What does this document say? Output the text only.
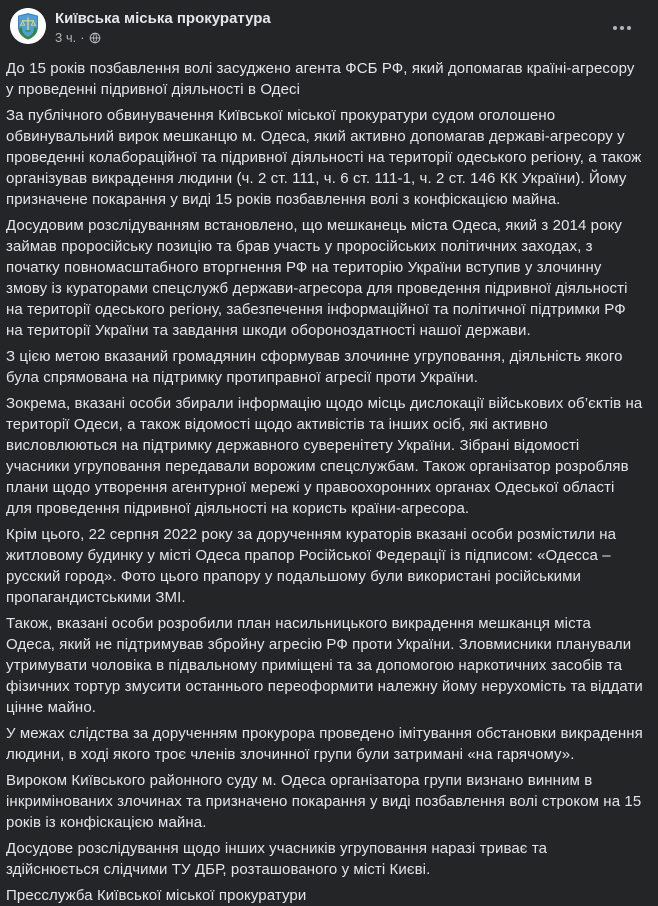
Київська міська прокуратура
3 ч. ·

До 15 років позбавлення волі засуджено агента ФСБ РФ, який допомагав країні-агресору у проведенні підривної діяльності в Одесі

За публічного обвинувачення Київської міської прокуратури судом оголошено обвинувальний вирок мешканцю м. Одеса, який активно допомагав державі-агресору у проведенні колабораційної та підривної діяльності на території одеського регіону, а також організував викрадення людини (ч. 2 ст. 111, ч. 6 ст. 111-1, ч. 2 ст. 146 КК України). Йому призначене покарання у виді 15 років позбавлення волі з конфіскацією майна.

Досудовим розслідуванням встановлено, що мешканець міста Одеса, який з 2014 року займав проросійську позицію та брав участь у проросійських політичних заходах, з початку повномасштабного вторгнення РФ на територію України вступив у злочинну змову із кураторами спецслужб держави-агресора для проведення підривної діяльності на території одеського регіону, забезпечення інформаційної та політичної підтримки РФ на території України та завдання шкоди обороноздатності нашої держави.

З цією метою вказаний громадянин сформував злочинне угруповання, діяльність якого була спрямована на підтримку протиправної агресії проти України.

Зокрема, вказані особи збирали інформацію щодо місць дислокації військових об’єктів на території Одеси, а також відомості щодо активістів та інших осіб, які активно висловлюються на підтримку державного суверенітету України. Зібрані відомості учасники угруповання передавали ворожим спецслужбам. Також організатор розробляв плани щодо утворення агентурної мережі у правоохоронних органах Одеської області для проведення підривної діяльності на користь країни-агресора.

Крім цього, 22 серпня 2022 року за дорученням кураторів вказані особи розмістили на житловому будинку у місті Одеса прапор Російської Федерації із підписом: «Одесса – русский город». Фото цього прапору у подальшому були використані російськими пропагандистськими ЗМІ.

Також, вказані особи розробили план насильницького викрадення мешканця міста Одеса, який не підтримував збройну агресію РФ проти України. Зловмисники планували утримувати чоловіка в підвальному приміщені та за допомогою наркотичних засобів та фізичних тортур змусити останнього переоформити належну йому нерухомість та віддати цінне майно.

У межах слідства за дорученням прокурора проведено імітування обстановки викрадення людини, в ході якого троє членів злочинної групи були затримані «на гарячому».

Вироком Київського районного суду м. Одеса організатора групи визнано винним в інкримінованих злочинах та призначено покарання у виді позбавлення волі строком на 15 років із конфіскацією майна.

Досудове розслідування щодо інших учасників угруповання наразі триває та здійснюється слідчими ТУ ДБР, розташованого у місті Києві.

Пресслужба Київської міської прокуратури
